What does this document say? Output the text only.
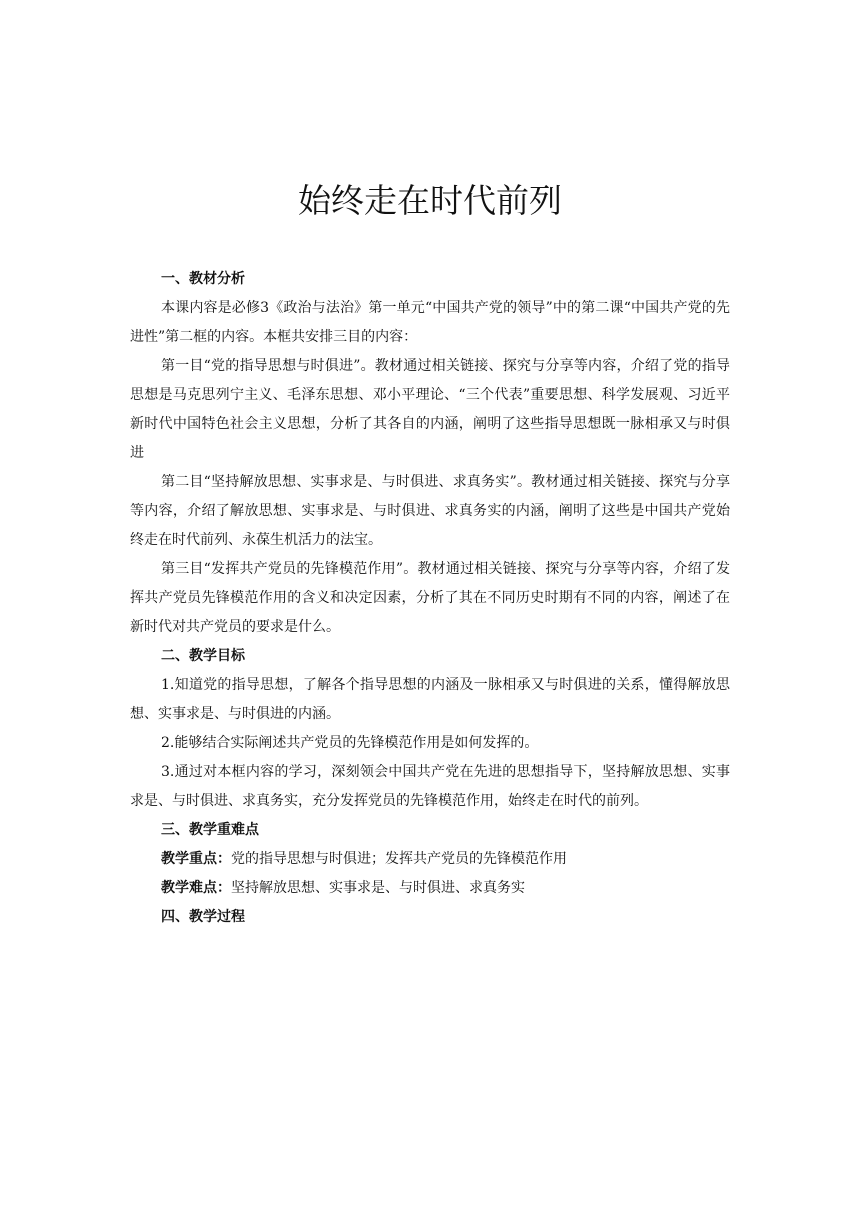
始终走在时代前列
一、教材分析

本课内容是必修3《政治与法治》第一单元“中国共产党的领导”中的第二课“中国共产党的先进性”第二框的内容。本框共安排三目的内容：

第一目“党的指导思想与时俱进”。教材通过相关链接、探究与分享等内容，介绍了党的指导思想是马克思列宁主义、毛泽东思想、邓小平理论、“三个代表”重要思想、科学发展观、习近平新时代中国特色社会主义思想，分析了其各自的内涵，阐明了这些指导思想既一脉相承又与时俱进

第二目“坚持解放思想、实事求是、与时俱进、求真务实”。教材通过相关链接、探究与分享等内容，介绍了解放思想、实事求是、与时俱进、求真务实的内涵，阐明了这些是中国共产党始终走在时代前列、永葆生机活力的法宝。

第三目“发挥共产党员的先锋模范作用”。教材通过相关链接、探究与分享等内容，介绍了发挥共产党员先锋模范作用的含义和决定因素，分析了其在不同历史时期有不同的内容，阐述了在新时代对共产党员的要求是什么。

二、教学目标

1.知道党的指导思想，了解各个指导思想的内涵及一脉相承又与时俱进的关系，懂得解放思想、实事求是、与时俱进的内涵。

2.能够结合实际阐述共产党员的先锋模范作用是如何发挥的。

3.通过对本框内容的学习，深刻领会中国共产党在先进的思想指导下，坚持解放思想、实事求是、与时俱进、求真务实，充分发挥党员的先锋模范作用，始终走在时代的前列。

三、教学重难点
教学重点：党的指导思想与时俱进；发挥共产党员的先锋模范作用
教学难点：坚持解放思想、实事求是、与时俱进、求真务实
四、教学过程
